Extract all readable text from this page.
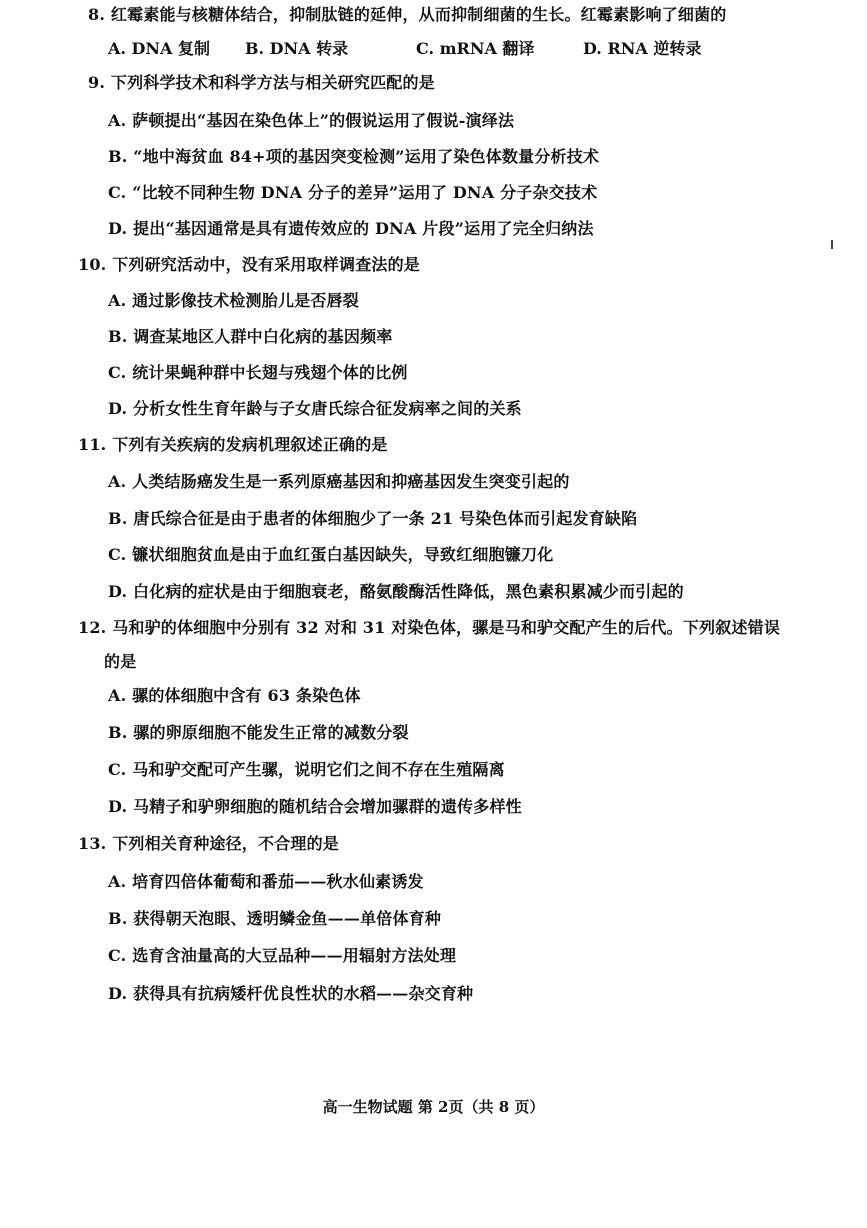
8. 红霉素能与核糖体结合，抑制肽链的延伸，从而抑制细菌的生长。红霉素影响了细菌的
A. DNA 复制 B. DNA 转录	C. mRNA 翻译	D. RNA 逆转录
9. 下列科学技术和科学方法与相关研究匹配的是
A. 萨顿提出“基因在染色体上”的假说运用了假说-演绎法
B. “地中海贫血 84+项的基因突变检测”运用了染色体数量分析技术
C. “比较不同种生物 DNA 分子的差异”运用了 DNA 分子杂交技术
D. 提出“基因通常是具有遗传效应的 DNA 片段”运用了完全归纳法
10. 下列研究活动中，没有采用取样调查法的是
A. 通过影像技术检测胎儿是否唇裂
B. 调查某地区人群中白化病的基因频率
C. 统计果蝇种群中长翅与残翅个体的比例
D. 分析女性生育年龄与子女唐氏综合征发病率之间的关系
11. 下列有关疾病的发病机理叙述正确的是
A. 人类结肠癌发生是一系列原癌基因和抑癌基因发生突变引起的
B. 唐氏综合征是由于患者的体细胞少了一条 21 号染色体而引起发育缺陷
C. 镰状细胞贫血是由于血红蛋白基因缺失，导致红细胞镰刀化
D. 白化病的症状是由于细胞衰老，酪氨酸酶活性降低，黑色素积累减少而引起的
12. 马和驴的体细胞中分别有 32 对和 31 对染色体，骡是马和驴交配产生的后代。下列叙述错误
的是
A. 骡的体细胞中含有 63 条染色体
B. 骡的卵原细胞不能发生正常的减数分裂
C. 马和驴交配可产生骡，说明它们之间不存在生殖隔离
D. 马精子和驴卵细胞的随机结合会增加骡群的遗传多样性
13. 下列相关育种途径，不合理的是
A. 培育四倍体葡萄和番茄——秋水仙素诱发
B. 获得朝天泡眼、透明鳞金鱼——单倍体育种
C. 选育含油量高的大豆品种——用辐射方法处理
D. 获得具有抗病矮杆优良性状的水稻——杂交育种
高一生物试题 第 2页（共 8 页）
